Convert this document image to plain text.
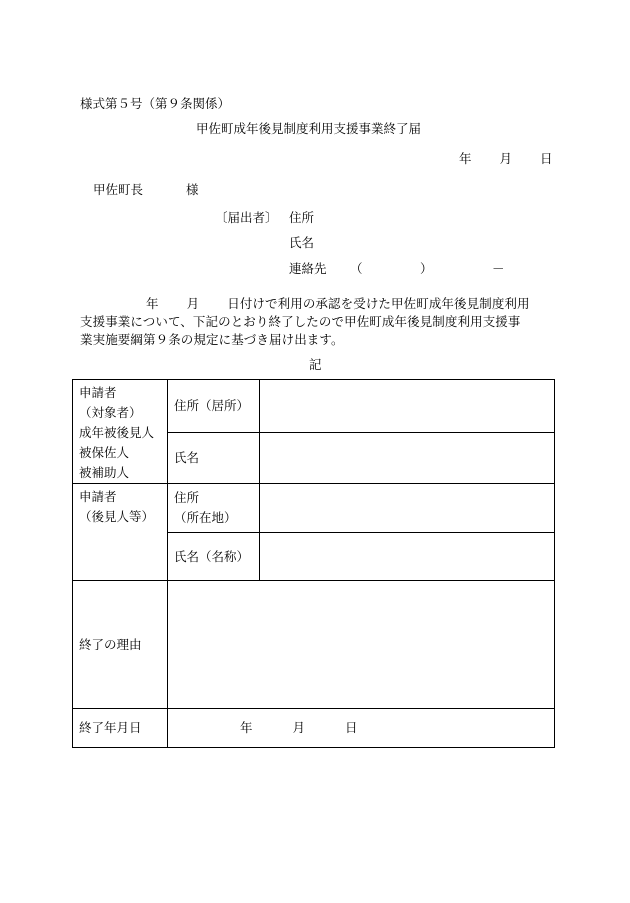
様式第５号（第９条関係）
甲佐町成年後見制度利用支援事業終了届
年 月 日
甲佐町長	様
〔届出者〕 住所
氏名
連絡先 （	）	－
年 月 日付けで利用の承認を受けた甲佐町成年後見制度利用
支援事業について、下記のとおり終了したので甲佐町成年後見制度利用支援事
業実施要綱第９条の規定に基づき届け出ます。
記
申請者
（対象者）
成年被後見人
被保佐人
被補助人	住所（居所）	
	氏名	

申請者
（後見人等）	住所
（所在地）	

	氏名（名称）	
終了の理由		
終了年月日	年 月 日	
